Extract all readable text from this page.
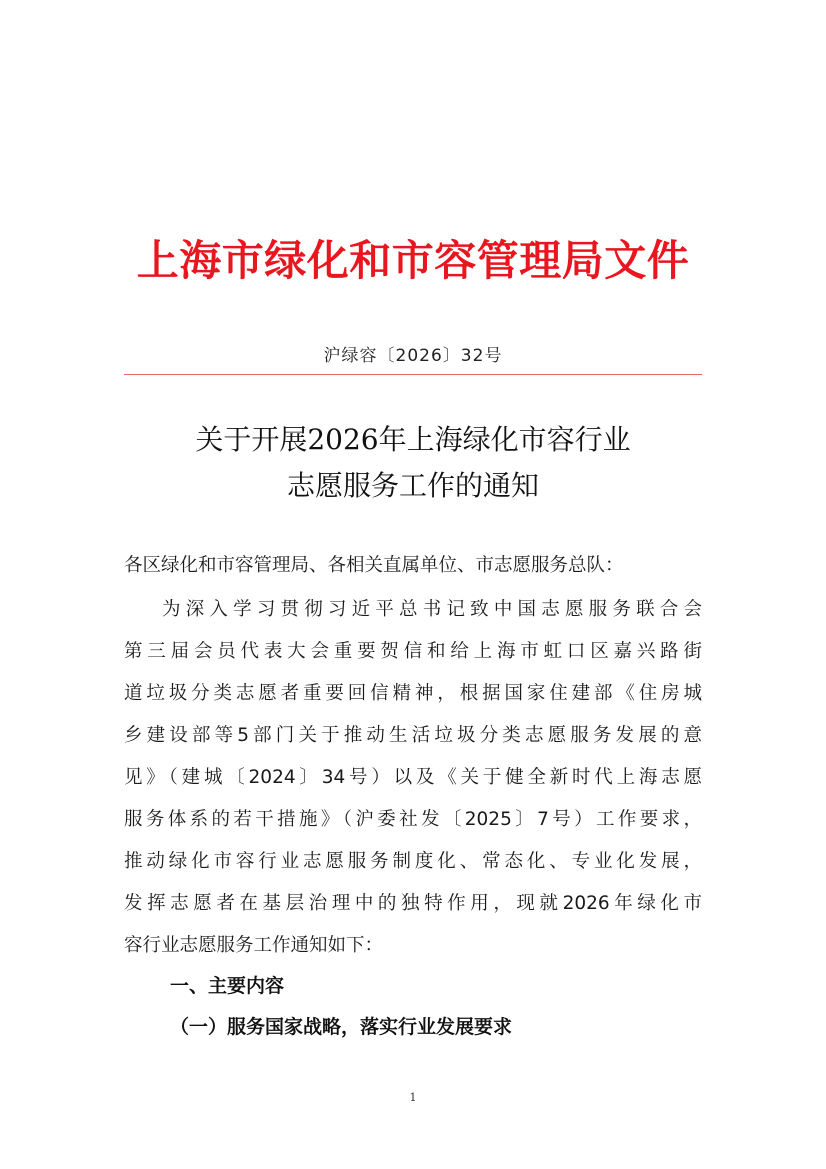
上海市绿化和市容管理局文件
沪绿容〔2026〕32号
关于开展2026年上海绿化市容行业
志愿服务工作的通知
各区绿化和市容管理局、各相关直属单位、市志愿服务总队：
为深入学习贯彻习近平总书记致中国志愿服务联合会
第三届会员代表大会重要贺信和给上海市虹口区嘉兴路街
道垃圾分类志愿者重要回信精神，根据国家住建部《住房城
乡建设部等5部门关于推动生活垃圾分类志愿服务发展的意
见》（建城〔2024〕34号）以及《关于健全新时代上海志愿
服务体系的若干措施》（沪委社发〔2025〕7号）工作要求，
推动绿化市容行业志愿服务制度化、常态化、专业化发展，
发挥志愿者在基层治理中的独特作用，现就2026年绿化市
容行业志愿服务工作通知如下：
一、主要内容
（一）服务国家战略，落实行业发展要求
1
